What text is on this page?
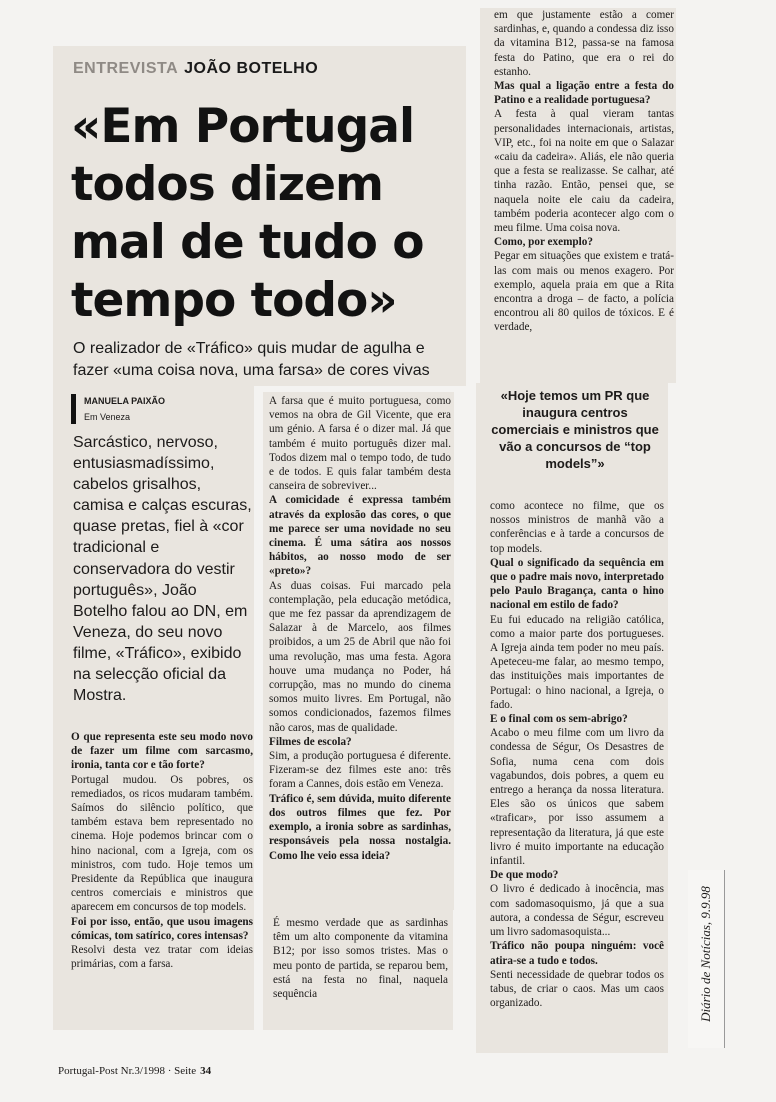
ENTREVISTA JOÃO BOTELHO
«Em Portugal todos dizem mal de tudo o tempo todo»
O realizador de «Tráfico» quis mudar de agulha e fazer «uma coisa nova, uma farsa» de cores vivas
MANUELA PAIXÃO
Em Veneza
Sarcástico, nervoso, entusiasmadíssimo, cabelos grisalhos, camisa e calças escuras, quase pretas, fiel à «cor tradicional e conservadora do vestir português», João Botelho falou ao DN, em Veneza, do seu novo filme, «Tráfico», exibido na selecção oficial da Mostra.

O que representa este seu modo novo de fazer um filme com sarcasmo, ironia, tanta cor e tão forte?

Portugal mudou. Os pobres, os remediados, os ricos mudaram também. Saímos do silêncio político, que também estava bem representado no cinema. Hoje podemos brincar com o hino nacional, com a Igreja, com os ministros, com tudo. Hoje temos um Presidente da República que inaugura centros comerciais e ministros que aparecem em concursos de top models.

Foi por isso, então, que usou imagens cómicas, tom satírico, cores intensas?

Resolvi desta vez tratar com ideias primárias, com a farsa.

A farsa que é muito portuguesa, como vemos na obra de Gil Vicente, que era um génio. A farsa é o dizer mal. Já que também é muito português dizer mal. Todos dizem mal o tempo todo, de tudo e de todos. E quis falar também desta canseira de sobreviver...

A comicidade é expressa também através da explosão das cores, o que me parece ser uma novidade no seu cinema. É uma sátira aos nossos hábitos, ao nosso modo de ser «preto»?

As duas coisas. Fui marcado pela contemplação, pela educação metódica, que me fez passar da aprendizagem de Salazar à de Marcelo, aos filmes proibidos, a um 25 de Abril que não foi uma revolução, mas uma festa. Agora houve uma mudança no Poder, há corrupção, mas no mundo do cinema somos muito livres. Em Portugal, não somos condicionados, fazemos filmes não caros, mas de qualidade.

Filmes de escola?

Sim, a produção portuguesa é diferente. Fizeram-se dez filmes este ano: três foram a Cannes, dois estão em Veneza.

Tráfico é, sem dúvida, muito diferente dos outros filmes que fez. Por exemplo, a ironia sobre as sardinhas, responsáveis pela nossa nostalgia. Como lhe veio essa ideia?

É mesmo verdade que as sardinhas têm um alto componente da vitamina B12; por isso somos tristes. Mas o meu ponto de partida, se reparou bem, está na festa no final, naquela sequência

em que justamente estão a comer sardinhas, e, quando a condessa diz isso da vitamina B12, passa-se na famosa festa do Patino, que era o rei do estanho.

Mas qual a ligação entre a festa do Patino e a realidade portuguesa?

A festa à qual vieram tantas personalidades internacionais, artistas, VIP, etc., foi na noite em que o Salazar «caiu da cadeira». Aliás, ele não queria que a festa se realizasse. Se calhar, até tinha razão. Então, pensei que, se naquela noite ele caiu da cadeira, também poderia acontecer algo com o meu filme. Uma coisa nova.

Como, por exemplo?

Pegar em situações que existem e tratá-las com mais ou menos exagero. Por exemplo, aquela praia em que a Rita encontra a droga – de facto, a polícia encontrou ali 80 quilos de tóxicos. E é verdade,

«Hoje temos um PR que inaugura centros comerciais e ministros que vão a concursos de “top models”»

como acontece no filme, que os nossos ministros de manhã vão a conferências e à tarde a concursos de top models.

Qual o significado da sequência em que o padre mais novo, interpretado pelo Paulo Bragança, canta o hino nacional em estilo de fado?

Eu fui educado na religião católica, como a maior parte dos portugueses. A Igreja ainda tem poder no meu país. Apeteceu-me falar, ao mesmo tempo, das instituições mais importantes de Portugal: o hino nacional, a Igreja, o fado.

E o final com os sem-abrigo?

Acabo o meu filme com um livro da condessa de Ségur, Os Desastres de Sofia, numa cena com dois vagabundos, dois pobres, a quem eu entrego a herança da nossa literatura. Eles são os únicos que sabem «traficar», por isso assumem a representação da literatura, já que este livro é muito importante na educação infantil.

De que modo?

O livro é dedicado à inocência, mas com sadomasoquismo, já que a sua autora, a condessa de Ségur, escreveu um livro sadomasoquista...

Tráfico não poupa ninguém: você atira-se a tudo e todos.

Senti necessidade de quebrar todos os tabus, de criar o caos. Mas um caos organizado.	Diário de Notícias, 9.9.98
Portugal-Post Nr.3/1998 · Seite 34
